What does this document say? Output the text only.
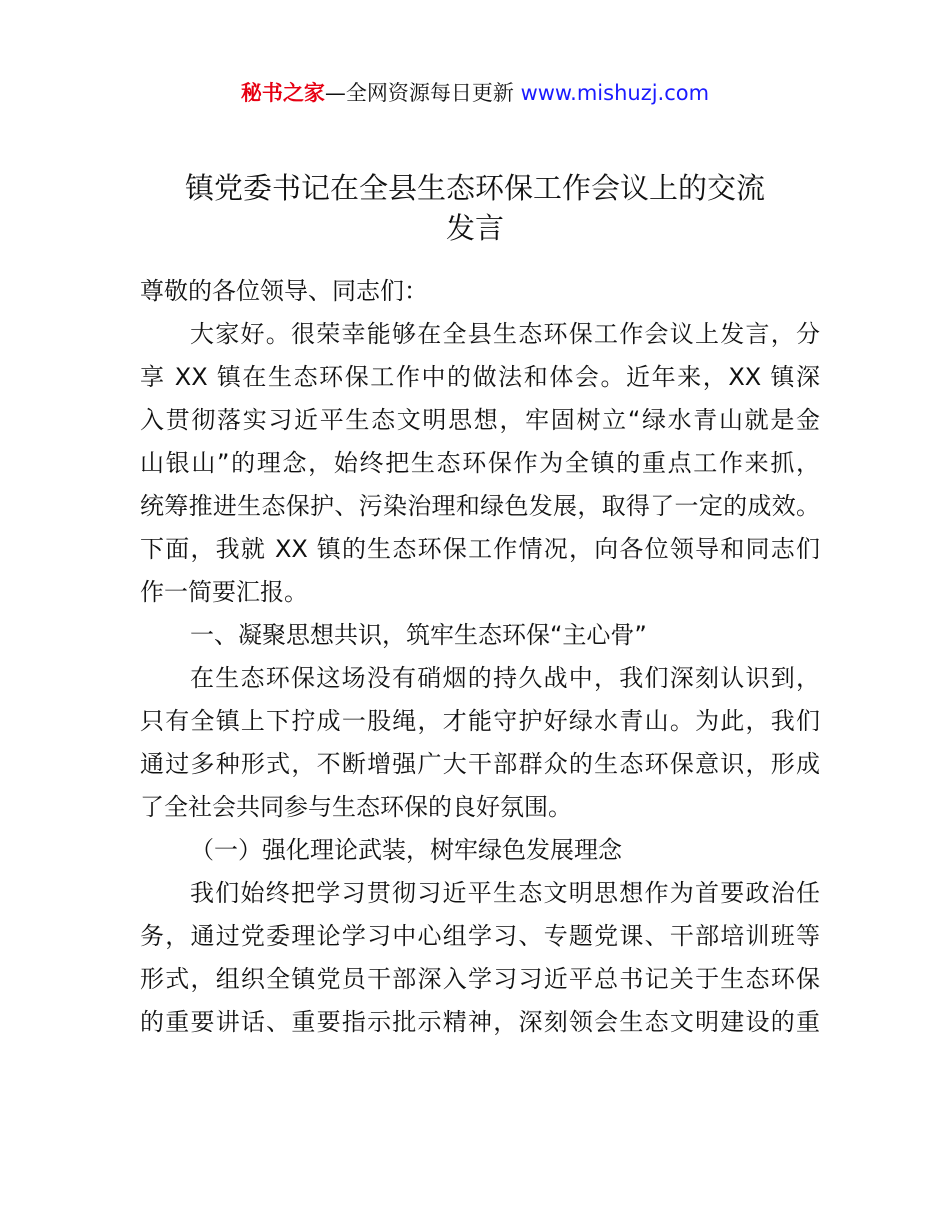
秘书之家—全网资源每日更新 www.mishuzj.com
镇党委书记在全县生态环保工作会议上的交流
发言

尊敬的各位领导、同志们：

大家好。很荣幸能够在全县生态环保工作会议上发言，分
享 XX 镇在生态环保工作中的做法和体会。近年来，XX 镇深
入贯彻落实习近平生态文明思想，牢固树立“绿水青山就是金
山银山”的理念，始终把生态环保作为全镇的重点工作来抓，
统筹推进生态保护、污染治理和绿色发展，取得了一定的成效。
下面，我就 XX 镇的生态环保工作情况，向各位领导和同志们
作一简要汇报。

一、凝聚思想共识，筑牢生态环保“主心骨”

在生态环保这场没有硝烟的持久战中，我们深刻认识到，
只有全镇上下拧成一股绳，才能守护好绿水青山。为此，我们
通过多种形式，不断增强广大干部群众的生态环保意识，形成
了全社会共同参与生态环保的良好氛围。

（一）强化理论武装，树牢绿色发展理念

我们始终把学习贯彻习近平生态文明思想作为首要政治任
务，通过党委理论学习中心组学习、专题党课、干部培训班等
形式，组织全镇党员干部深入学习习近平总书记关于生态环保
的重要讲话、重要指示批示精神，深刻领会生态文明建设的重
